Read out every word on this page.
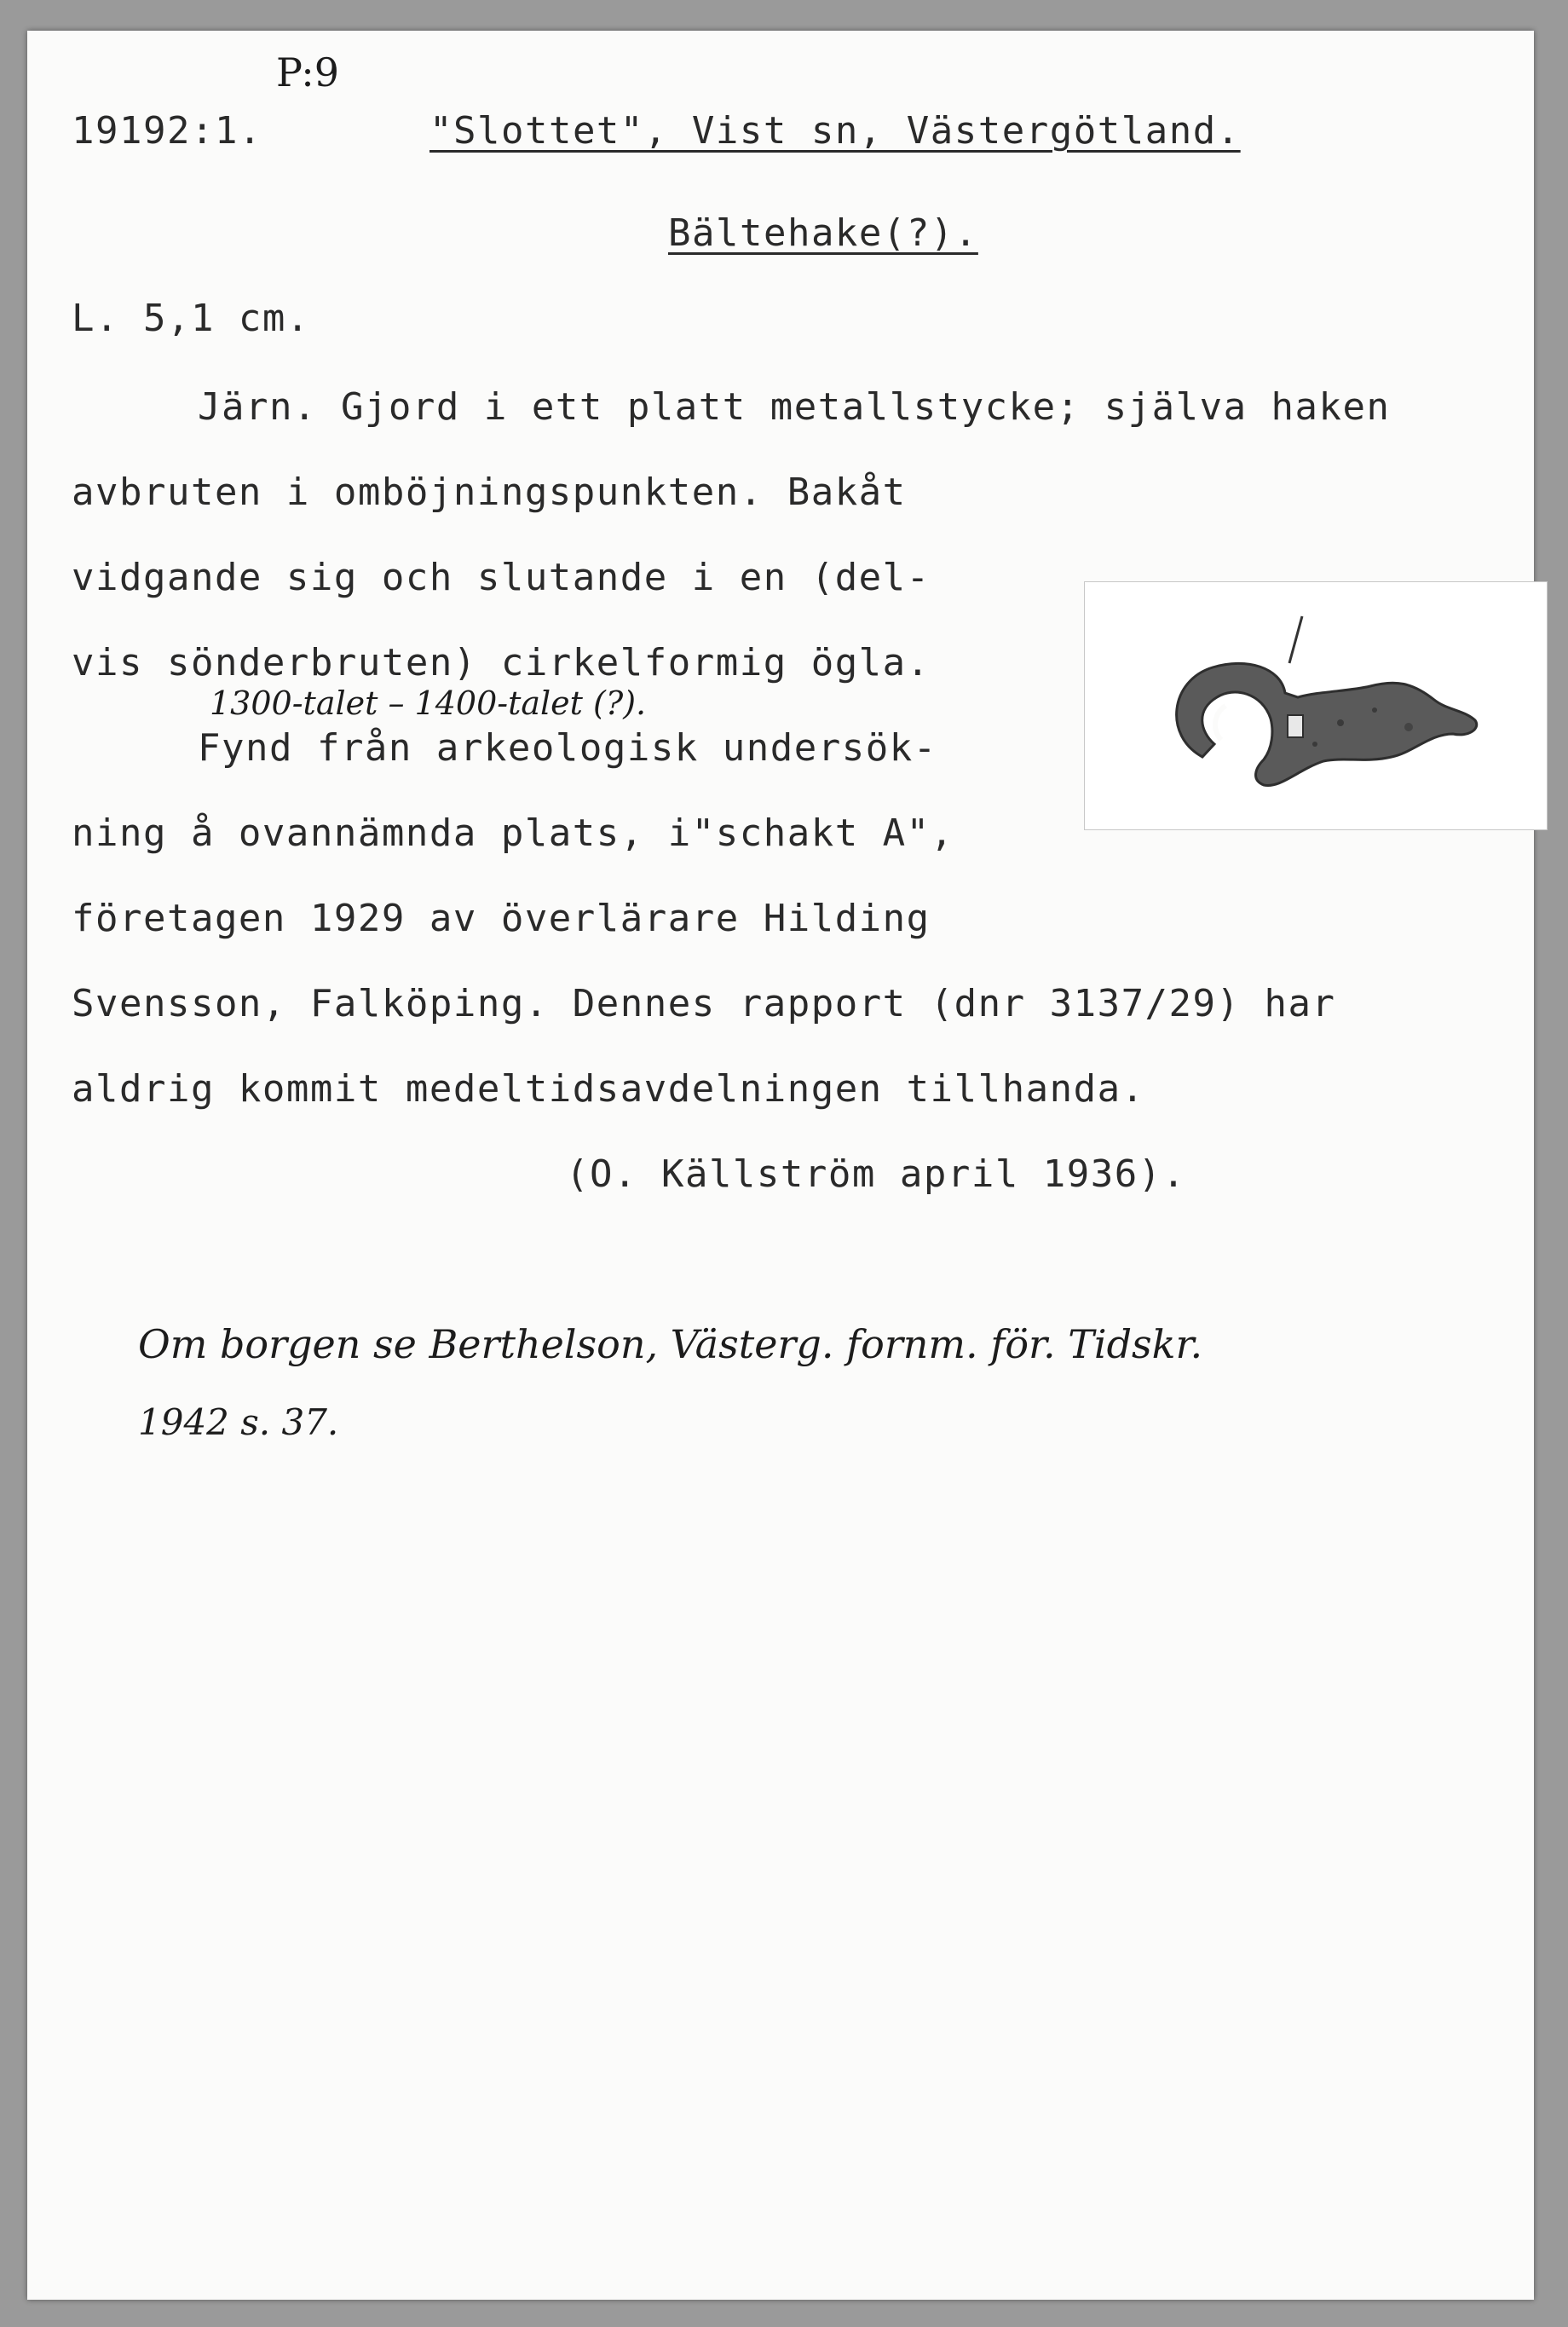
P:9
19192:1.	"Slottet", Vist sn, Västergötland.
Bältehake(?).
L. 5,1 cm.
Järn. Gjord i ett platt metallstycke; själva haken
avbruten i omböjningspunkten. Bakåt
vidgande sig och slutande i en (del-
vis sönderbruten) cirkelformig ögla.
1300-talet – 1400-talet (?).
Fynd från arkeologisk undersök-
ning å ovannämnda plats, i"schakt A",
företagen 1929 av överlärare Hilding
Svensson, Falköping. Dennes rapport (dnr 3137/29) har
aldrig kommit medeltidsavdelningen tillhanda.
(O. Källström april 1936).
Om borgen se Berthelson, Västerg. fornm. för. Tidskr.
1942 s. 37.
